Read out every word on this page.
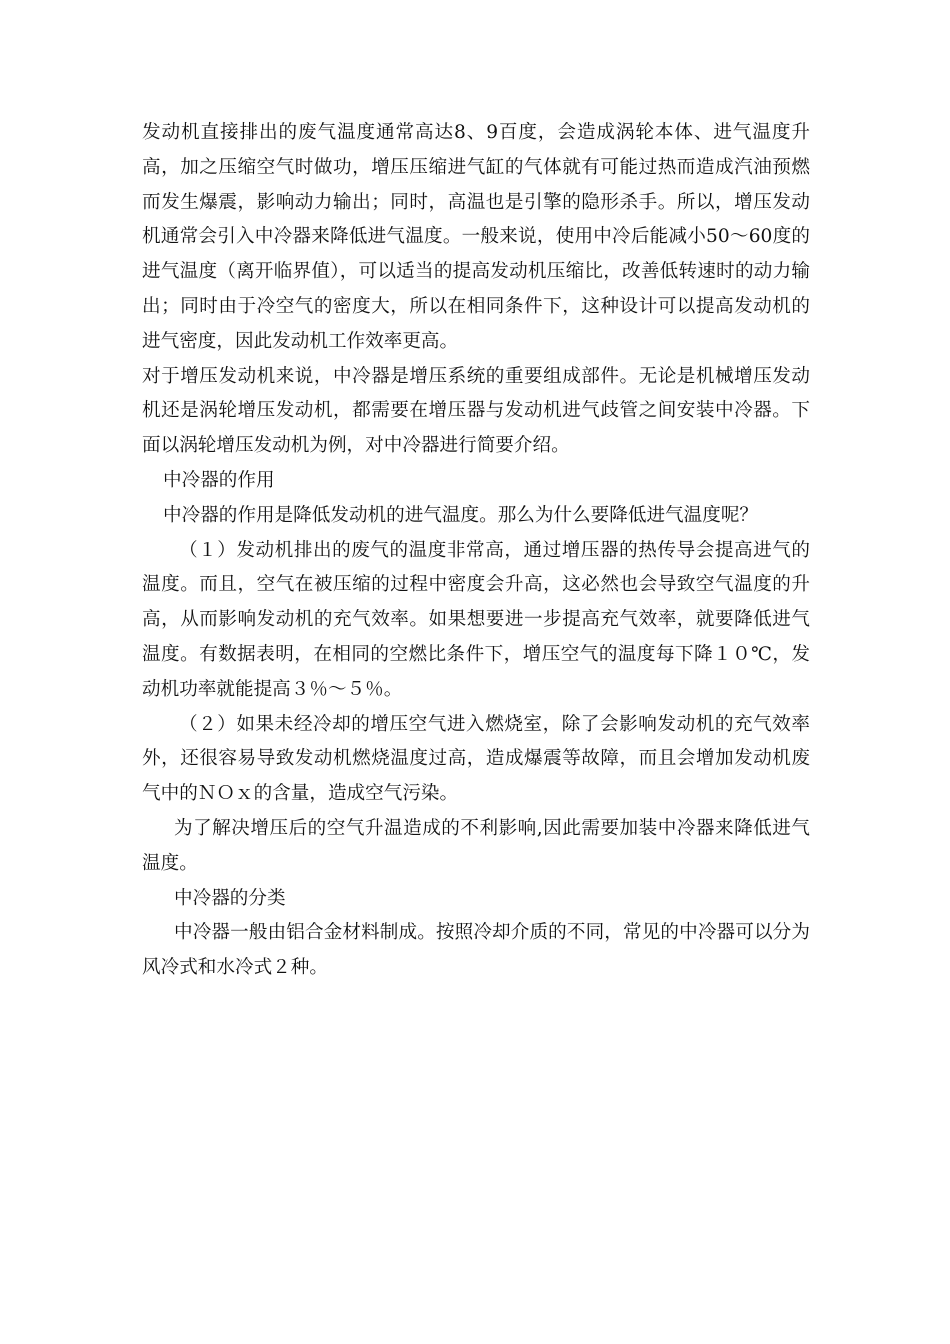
发动机直接排出的废气温度通常高达8、9百度，会造成涡轮本体、进气温度升高，加之压缩空气时做功，增压压缩进气缸的气体就有可能过热而造成汽油预燃而发生爆震，影响动力输出；同时，高温也是引擎的隐形杀手。所以，增压发动机通常会引入中冷器来降低进气温度。一般来说，使用中冷后能减小50～60度的进气温度（离开临界值），可以适当的提高发动机压缩比，改善低转速时的动力输出；同时由于冷空气的密度大，所以在相同条件下，这种设计可以提高发动机的进气密度，因此发动机工作效率更高。

对于增压发动机来说，中冷器是增压系统的重要组成部件。无论是机械增压发动机还是涡轮增压发动机，都需要在增压器与发动机进气歧管之间安装中冷器。下面以涡轮增压发动机为例，对中冷器进行简要介绍。

中冷器的作用

中冷器的作用是降低发动机的进气温度。那么为什么要降低进气温度呢？

（１）发动机排出的废气的温度非常高，通过增压器的热传导会提高进气的温度。而且，空气在被压缩的过程中密度会升高，这必然也会导致空气温度的升高，从而影响发动机的充气效率。如果想要进一步提高充气效率，就要降低进气温度。有数据表明，在相同的空燃比条件下，增压空气的温度每下降１０℃，发动机功率就能提高３％～５％。

（２）如果未经冷却的增压空气进入燃烧室，除了会影响发动机的充气效率外，还很容易导致发动机燃烧温度过高，造成爆震等故障，而且会增加发动机废气中的ＮＯｘ的含量，造成空气污染。

为了解决增压后的空气升温造成的不利影响,因此需要加装中冷器来降低进气温度。

中冷器的分类

中冷器一般由铝合金材料制成。按照冷却介质的不同，常见的中冷器可以分为风冷式和水冷式２种。
